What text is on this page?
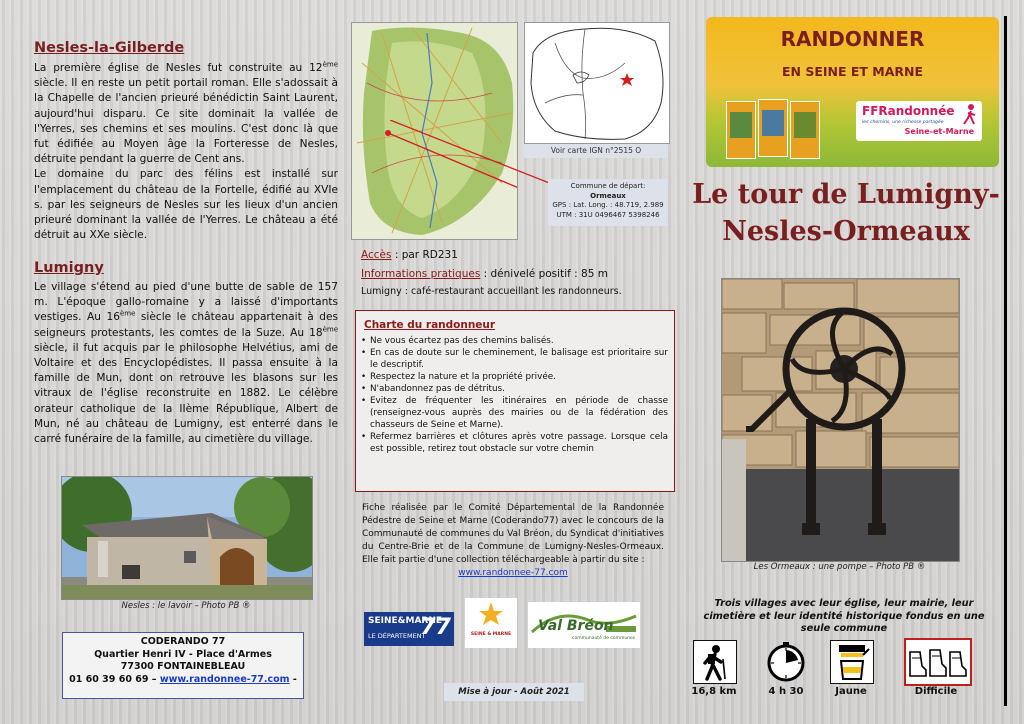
Nesles-la-Gilberde

La première église de Nesles fut construite au 12ème siècle. Il en reste un petit portail roman. Elle s'adossait à la Chapelle de l'ancien prieuré bénédictin Saint Laurent, aujourd'hui disparu. Ce site dominait la vallée de l'Yerres, ses chemins et ses moulins. C'est donc là que fut édifiée au Moyen âge la Forteresse de Nesles, détruite pendant la guerre de Cent ans.

Le domaine du parc des félins est installé sur l'emplacement du château de la Fortelle, édifié au XVIe s. par les seigneurs de Nesles sur les lieux d'un ancien prieuré dominant la vallée de l'Yerres. Le château a été détruit au XXe siècle.

Lumigny

Le village s'étend au pied d'une butte de sable de 157 m. L'époque gallo-romaine y a laissé d'importants vestiges. Au 16ème siècle le château appartenait à des seigneurs protestants, les comtes de la Suze. Au 18ème siècle, il fut acquis par le philosophe Helvétius, ami de Voltaire et des Encyclopédistes. Il passa ensuite à la famille de Mun, dont on retrouve les blasons sur les vitraux de l'église reconstruite en 1882. Le célèbre orateur catholique de la IIème République, Albert de Mun, né au château de Lumigny, est enterré dans le carré funéraire de la famille, au cimetière du village.

Nesles : le lavoir – Photo PB ®
CODERANDO 77
Quartier Henri IV - Place d'Armes
77300 FONTAINEBLEAU
01 60 39 60 69 – www.randonnee-77.com -
Voir carte IGN n°2515 O
Commune de départ:
Ormeaux
GPS : Lat. Long. : 48.719, 2.989
UTM : 31U 0496467 5398246
Accès : par RD231
Informations pratiques : dénivelé positif : 85 m
Lumigny : café-restaurant accueillant les randonneurs.
Charte du randonneur
• Ne vous écartez pas des chemins balisés.
• En cas de doute sur le cheminement, le balisage est prioritaire sur le descriptif.
• Respectez la nature et la propriété privée.
• N'abandonnez pas de détritus.
• Evitez de fréquenter les itinéraires en période de chasse (renseignez-vous auprès des mairies ou de la fédération des chasseurs de Seine et Marne).
• Refermez barrières et clôtures après votre passage. Lorsque cela est possible, retirez tout obstacle sur votre chemin
Fiche réalisée par le Comité Départemental de la Randonnée Pédestre de Seine et Marne (Coderando77) avec le concours de la Communauté de communes du Val Bréon, du Syndicat d'initiatives du Centre-Brie et de la Commune de Lumigny-Nesles-Ormeaux. Elle fait partie d'une collection téléchargeable à partir du site :
www.randonnee-77.com
SEINE&MARNE
LE DÉPARTEMENT
77	SEINE & MARNE
Val Bréon
communauté de communes
Mise à jour - Août 2021
RANDONNER
EN SEINE ET MARNE
FFRandonnée
les chemins, une richesse partagée
Seine-et-Marne
Le tour de Lumigny-Nesles-Ormeaux
Les Ormeaux : une pompe – Photo PB ®
Trois villages avec leur église, leur mairie, leur cimetière et leur identité historique fondus en une seule commune
16,8 km	4 h 30	Jaune	Difficile
